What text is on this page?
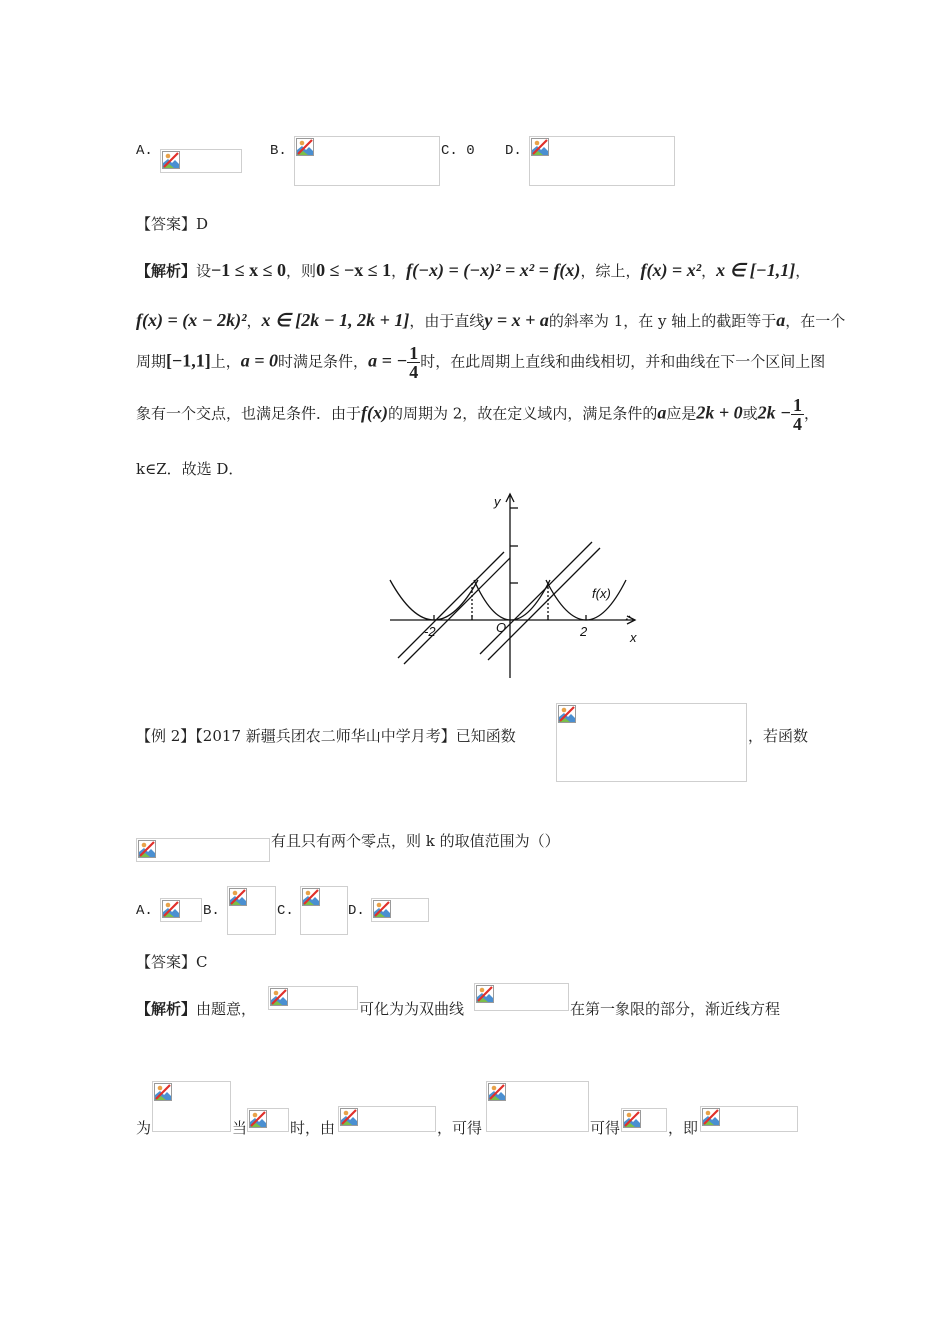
A.	B.	C. 0 D.
【答案】D
【解析】设−1 ≤ x ≤ 0，则0 ≤ −x ≤ 1，f(−x) = (−x)² = x² = f(x)，综上，f(x) = x²，x ∈ [−1,1]，
f(x) = (x − 2k)²，x ∈ [2k − 1, 2k + 1]，由于直线y = x + a的斜率为 1，在 y 轴上的截距等于a，在一个
周期[−1,1]上，a = 0时满足条件，a = − $\frac{1}{4}$ 时，在此周期上直线和曲线相切，并和曲线在下一个区间上图
象有一个交点，也满足条件．由于f(x)的周期为 2，故在定义域内，满足条件的a应是2k + 0或$2k - \frac{1}{4}$ ，
k∈Z．故选 D．
y
x
O
-2	2
f(x)
【例 2】【2017 新疆兵团农二师华山中学月考】已知函数	，若函数
有且只有两个零点，则 k 的取值范围为（）
A.	B.	C.	D.
【答案】C
【解析】由题意，	可化为为双曲线	在第一象限的部分，渐近线方程
为	当	时，由	，可得	可得	，即
